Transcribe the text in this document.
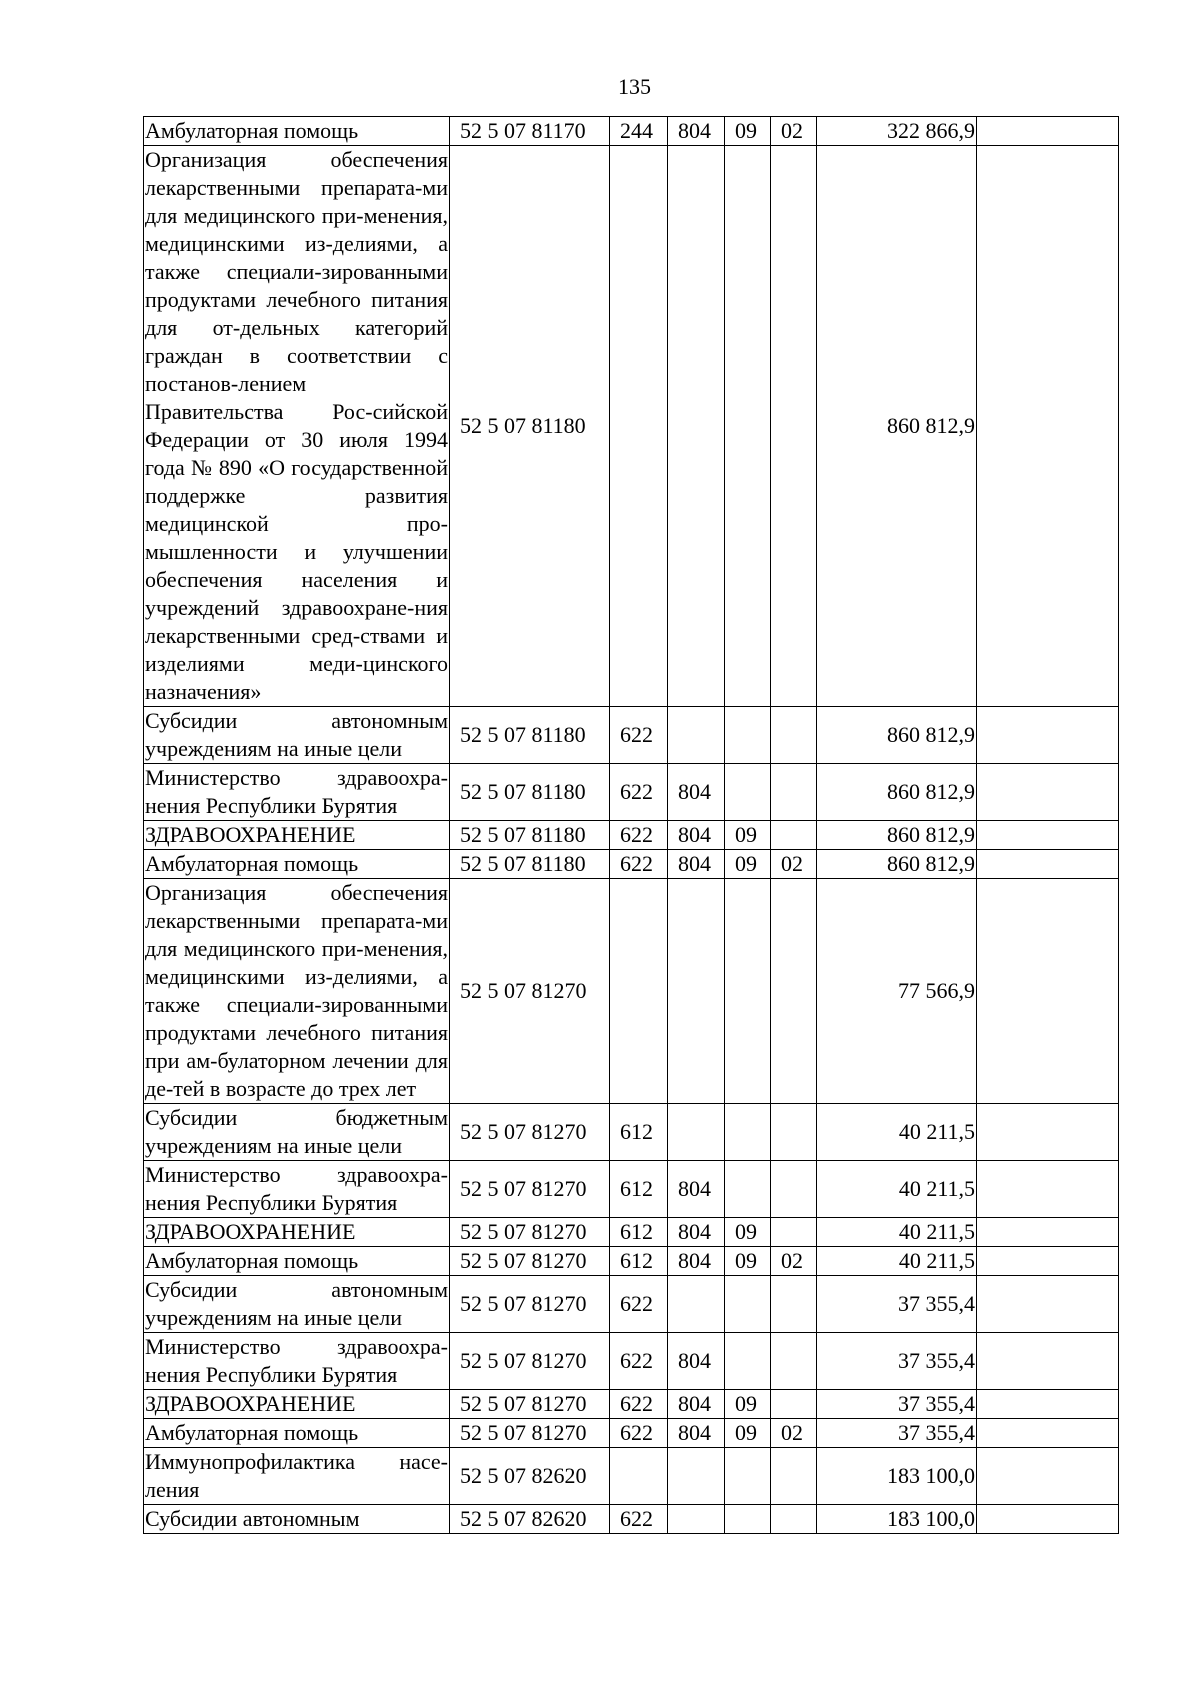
135
Амбулаторная помощь	52 5 07 81170	244	804	09	02	322 866,9	
Организация обеспечения лекарственными препарата-ми для медицинского при-менения, медицинскими из-делиями, а также специали-зированными продуктами лечебного питания для от-дельных категорий граждан в соответствии с постанов-лением Правительства Рос-сийской Федерации от 30 июля 1994 года № 890 «О государственной поддержке развития медицинской про-мышленности и улучшении обеспечения населения и учреждений здравоохране-ния лекарственными сред-ствами и изделиями меди-цинского назначения»	52 5 07 81180					860 812,9	
Субсидии автономным учреждениям на иные цели	52 5 07 81180	622				860 812,9	
Министерство здравоохра-нения Республики Бурятия	52 5 07 81180	622	804			860 812,9	
ЗДРАВООХРАНЕНИЕ	52 5 07 81180	622	804	09		860 812,9	
Амбулаторная помощь	52 5 07 81180	622	804	09	02	860 812,9	
Организация обеспечения лекарственными препарата-ми для медицинского при-менения, медицинскими из-делиями, а также специали-зированными продуктами лечебного питания при ам-булаторном лечении для де-тей в возрасте до трех лет	52 5 07 81270					77 566,9	
Субсидии бюджетным учреждениям на иные цели	52 5 07 81270	612				40 211,5	
Министерство здравоохра-нения Республики Бурятия	52 5 07 81270	612	804			40 211,5	
ЗДРАВООХРАНЕНИЕ	52 5 07 81270	612	804	09		40 211,5	
Амбулаторная помощь	52 5 07 81270	612	804	09	02	40 211,5	
Субсидии автономным учреждениям на иные цели	52 5 07 81270	622				37 355,4	
Министерство здравоохра-нения Республики Бурятия	52 5 07 81270	622	804			37 355,4	
ЗДРАВООХРАНЕНИЕ	52 5 07 81270	622	804	09		37 355,4	
Амбулаторная помощь	52 5 07 81270	622	804	09	02	37 355,4	
Иммунопрофилактика насе-ления	52 5 07 82620					183 100,0	
Субсидии автономным	52 5 07 82620	622				183 100,0	
